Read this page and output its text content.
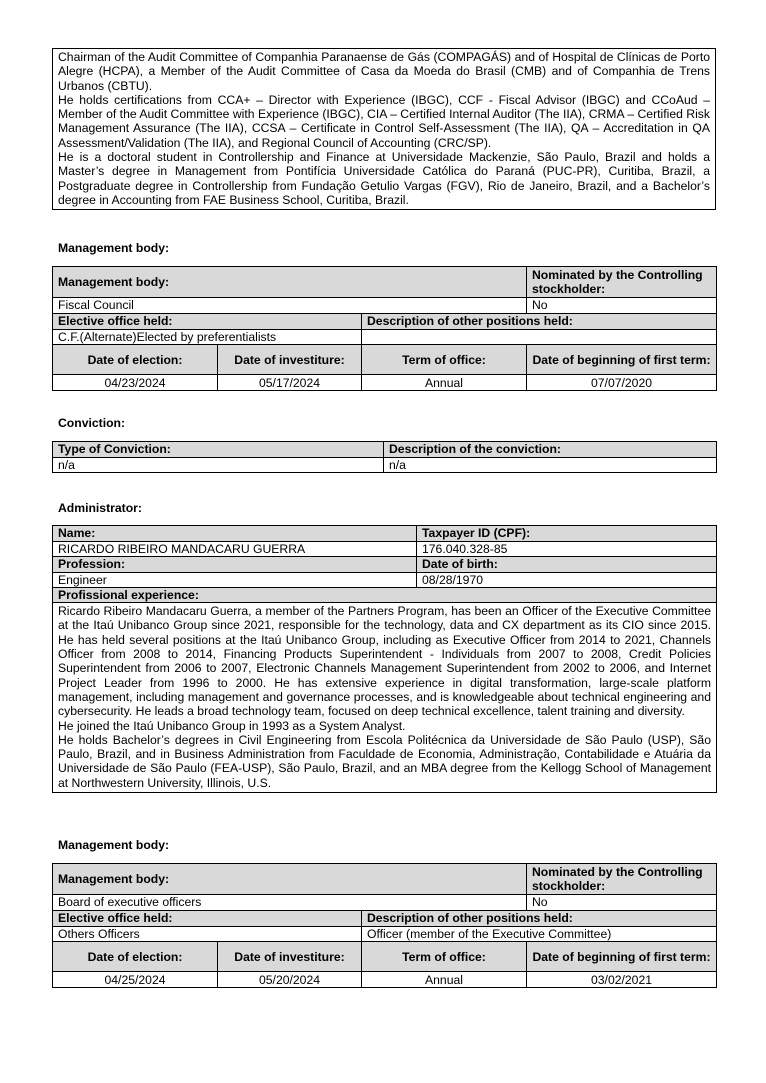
Chairman of the Audit Committee of Companhia Paranaense de Gás (COMPAGÁS) and of Hospital de Clínicas de Porto Alegre (HCPA), a Member of the Audit Committee of Casa da Moeda do Brasil (CMB) and of Companhia de Trens Urbanos (CBTU).
He holds certifications from CCA+ – Director with Experience (IBGC), CCF - Fiscal Advisor (IBGC) and CCoAud – Member of the Audit Committee with Experience (IBGC), CIA – Certified Internal Auditor (The IIA), CRMA – Certified Risk Management Assurance (The IIA), CCSA – Certificate in Control Self-Assessment (The IIA), QA – Accreditation in QA Assessment/Validation (The IIA), and Regional Council of Accounting (CRC/SP).
He is a doctoral student in Controllership and Finance at Universidade Mackenzie, São Paulo, Brazil and holds a Master’s degree in Management from Pontifícia Universidade Católica do Paraná (PUC-PR), Curitiba, Brazil, a Postgraduate degree in Controllership from Fundação Getulio Vargas (FGV), Rio de Janeiro, Brazil, and a Bachelor’s degree in Accounting from FAE Business School, Curitiba, Brazil.
Management body:
Management body:			Nominated by the Controlling stockholder:
Fiscal Council			No
Elective office held:		Description of other positions held:	
C.F.(Alternate)Elected by preferentialists			
Date of election:	Date of investiture:	Term of office:	Date of beginning of first term:
04/23/2024	05/17/2024	Annual	07/07/2020
Conviction:
Type of Conviction:	Description of the conviction:
n/a	n/a
Administrator:
Name:	Taxpayer ID (CPF):
RICARDO RIBEIRO MANDACARU GUERRA	176.040.328-85
Profession:	Date of birth:
Engineer	08/28/1970
Profissional experience:	

Ricardo Ribeiro Mandacaru Guerra, a member of the Partners Program, has been an Officer of the Executive Committee at the Itaú Unibanco Group since 2021, responsible for the technology, data and CX department as its CIO since 2015. He has held several positions at the Itaú Unibanco Group, including as Executive Officer from 2014 to 2021, Channels Officer from 2008 to 2014, Financing Products Superintendent - Individuals from 2007 to 2008, Credit Policies Superintendent from 2006 to 2007, Electronic Channels Management Superintendent from 2002 to 2006, and Internet Project Leader from 1996 to 2000. He has extensive experience in digital transformation, large-scale platform management, including management and governance processes, and is knowledgeable about technical engineering and cybersecurity. He leads a broad technology team, focused on deep technical excellence, talent training and diversity.
He joined the Itaú Unibanco Group in 1993 as a System Analyst.
He holds Bachelor’s degrees in Civil Engineering from Escola Politécnica da Universidade de São Paulo (USP), São Paulo, Brazil, and in Business Administration from Faculdade de Economia, Administração, Contabilidade e Atuária da Universidade de São Paulo (FEA-USP), São Paulo, Brazil, and an MBA degree from the Kellogg School of Management at Northwestern University, Illinois, U.S.	
Management body:
Management body:			Nominated by the Controlling stockholder:
Board of executive officers			No
Elective office held:		Description of other positions held:	
Others Officers		Officer (member of the Executive Committee)	
Date of election:	Date of investiture:	Term of office:	Date of beginning of first term:
04/25/2024	05/20/2024	Annual	03/02/2021
